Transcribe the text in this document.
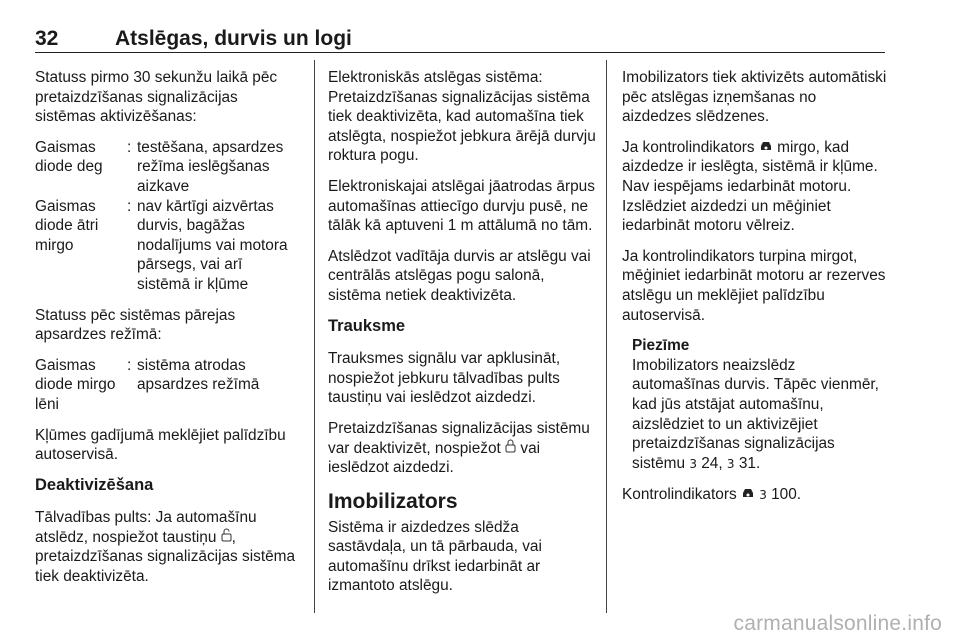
32	Atslēgas, durvis un logi

Statuss pirmo 30 sekunžu laikā pēc pretaizdzīšanas signalizācijas sistēmas aktivizēšanas:

Gaismas diode deg
: testēšana, apsardzes režīma ieslēgšanas aizkave
Gaismas diode ātri mirgo
: nav kārtīgi aizvērtas durvis, bagāžas nodalījums vai motora pārsegs, vai arī sistēmā ir kļūme

Statuss pēc sistēmas pārejas apsardzes režīmā:

Gaismas diode mirgo lēni
: sistēma atrodas apsardzes režīmā

Kļūmes gadījumā meklējiet palīdzību autoservisā.

Deaktivizēšana

Tālvadības pults: Ja automašīnu atslēdz, nospiežot taustiņu , pretaizdzīšanas signalizācijas sistēma tiek deaktivizēta.

Elektroniskās atslēgas sistēma: Pretaizdzīšanas signalizācijas sistēma tiek deaktivizēta, kad automašīna tiek atslēgta, nospiežot jebkura ārējā durvju roktura pogu.

Elektroniskajai atslēgai jāatrodas ārpus automašīnas attiecīgo durvju pusē, ne tālāk kā aptuveni 1 m attālumā no tām.

Atslēdzot vadītāja durvis ar atslēgu vai centrālās atslēgas pogu salonā, sistēma netiek deaktivizēta.

Trauksme

Trauksmes signālu var apklusināt, nospiežot jebkuru tālvadības pults taustiņu vai ieslēdzot aizdedzi.

Pretaizdzīšanas signalizācijas sistēmu var deaktivizēt, nospiežot vai ieslēdzot aizdedzi.

Imobilizators

Sistēma ir aizdedzes slēdža sastāvdaļa, un tā pārbauda, vai automašīnu drīkst iedarbināt ar izmantoto atslēgu.

Imobilizators tiek aktivizēts automātiski pēc atslēgas izņemšanas no aizdedzes slēdzenes.

Ja kontrolindikators mirgo, kad aizdedze ir ieslēgta, sistēmā ir kļūme. Nav iespējams iedarbināt motoru. Izslēdziet aizdedzi un mēģiniet iedarbināt motoru vēlreiz.

Ja kontrolindikators turpina mirgot, mēģiniet iedarbināt motoru ar rezerves atslēgu un meklējiet palīdzību autoservisā.

Piezīme

Imobilizators neaizslēdz automašīnas durvis. Tāpēc vienmēr, kad jūs atstājat automašīnu, aizslēdziet to un aktivizējiet pretaizdzīšanas signalizācijas sistēmu 3 24, 3 31.

Kontrolindikators 3 100.

carmanualsonline.info
